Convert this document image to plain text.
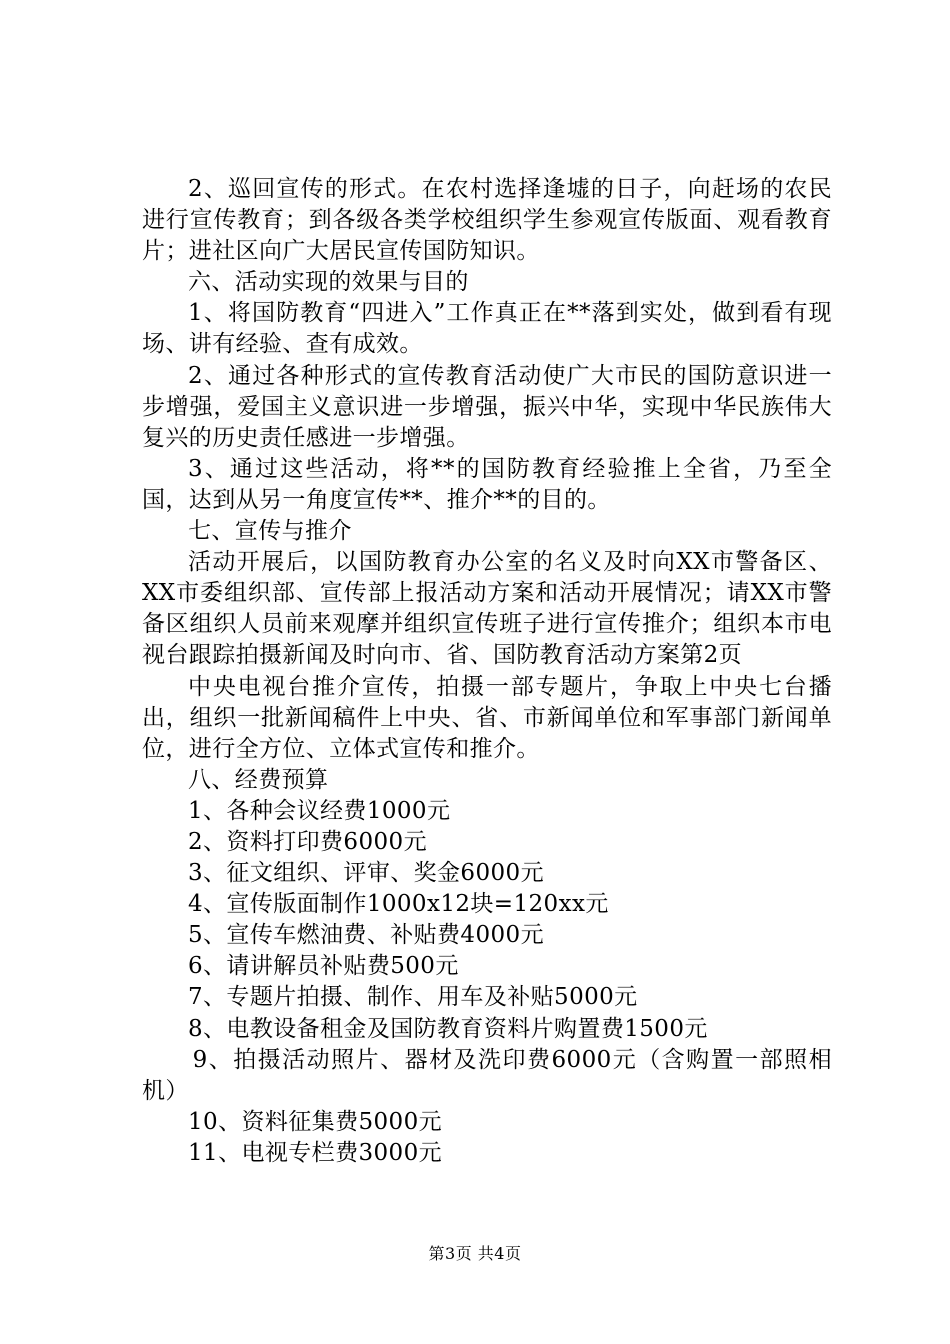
2、巡回宣传的形式。在农村选择逢墟的日子，向赶场的农民进行宣传教育；到各级各类学校组织学生参观宣传版面、观看教育片；进社区向广大居民宣传国防知识。

六、活动实现的效果与目的

1、将国防教育“四进入”工作真正在**落到实处，做到看有现场、讲有经验、查有成效。

2、通过各种形式的宣传教育活动使广大市民的国防意识进一步增强，爱国主义意识进一步增强，振兴中华，实现中华民族伟大复兴的历史责任感进一步增强。

3、通过这些活动，将**的国防教育经验推上全省，乃至全国，达到从另一角度宣传**、推介**的目的。

七、宣传与推介

活动开展后，以国防教育办公室的名义及时向XX市警备区、XX市委组织部、宣传部上报活动方案和活动开展情况；请XX市警备区组织人员前来观摩并组织宣传班子进行宣传推介；组织本市电视台跟踪拍摄新闻及时向市、省、国防教育活动方案第2页

中央电视台推介宣传，拍摄一部专题片，争取上中央七台播出，组织一批新闻稿件上中央、省、市新闻单位和军事部门新闻单位，进行全方位、立体式宣传和推介。

八、经费预算

1、各种会议经费1000元

2、资料打印费6000元

3、征文组织、评审、奖金6000元

4、宣传版面制作1000x12块=120xx元

5、宣传车燃油费、补贴费4000元

6、请讲解员补贴费500元

7、专题片拍摄、制作、用车及补贴5000元

8、电教设备租金及国防教育资料片购置费1500元

9、拍摄活动照片、器材及洗印费6000元（含购置一部照相机）

10、资料征集费5000元

11、电视专栏费3000元

第3页 共4页
